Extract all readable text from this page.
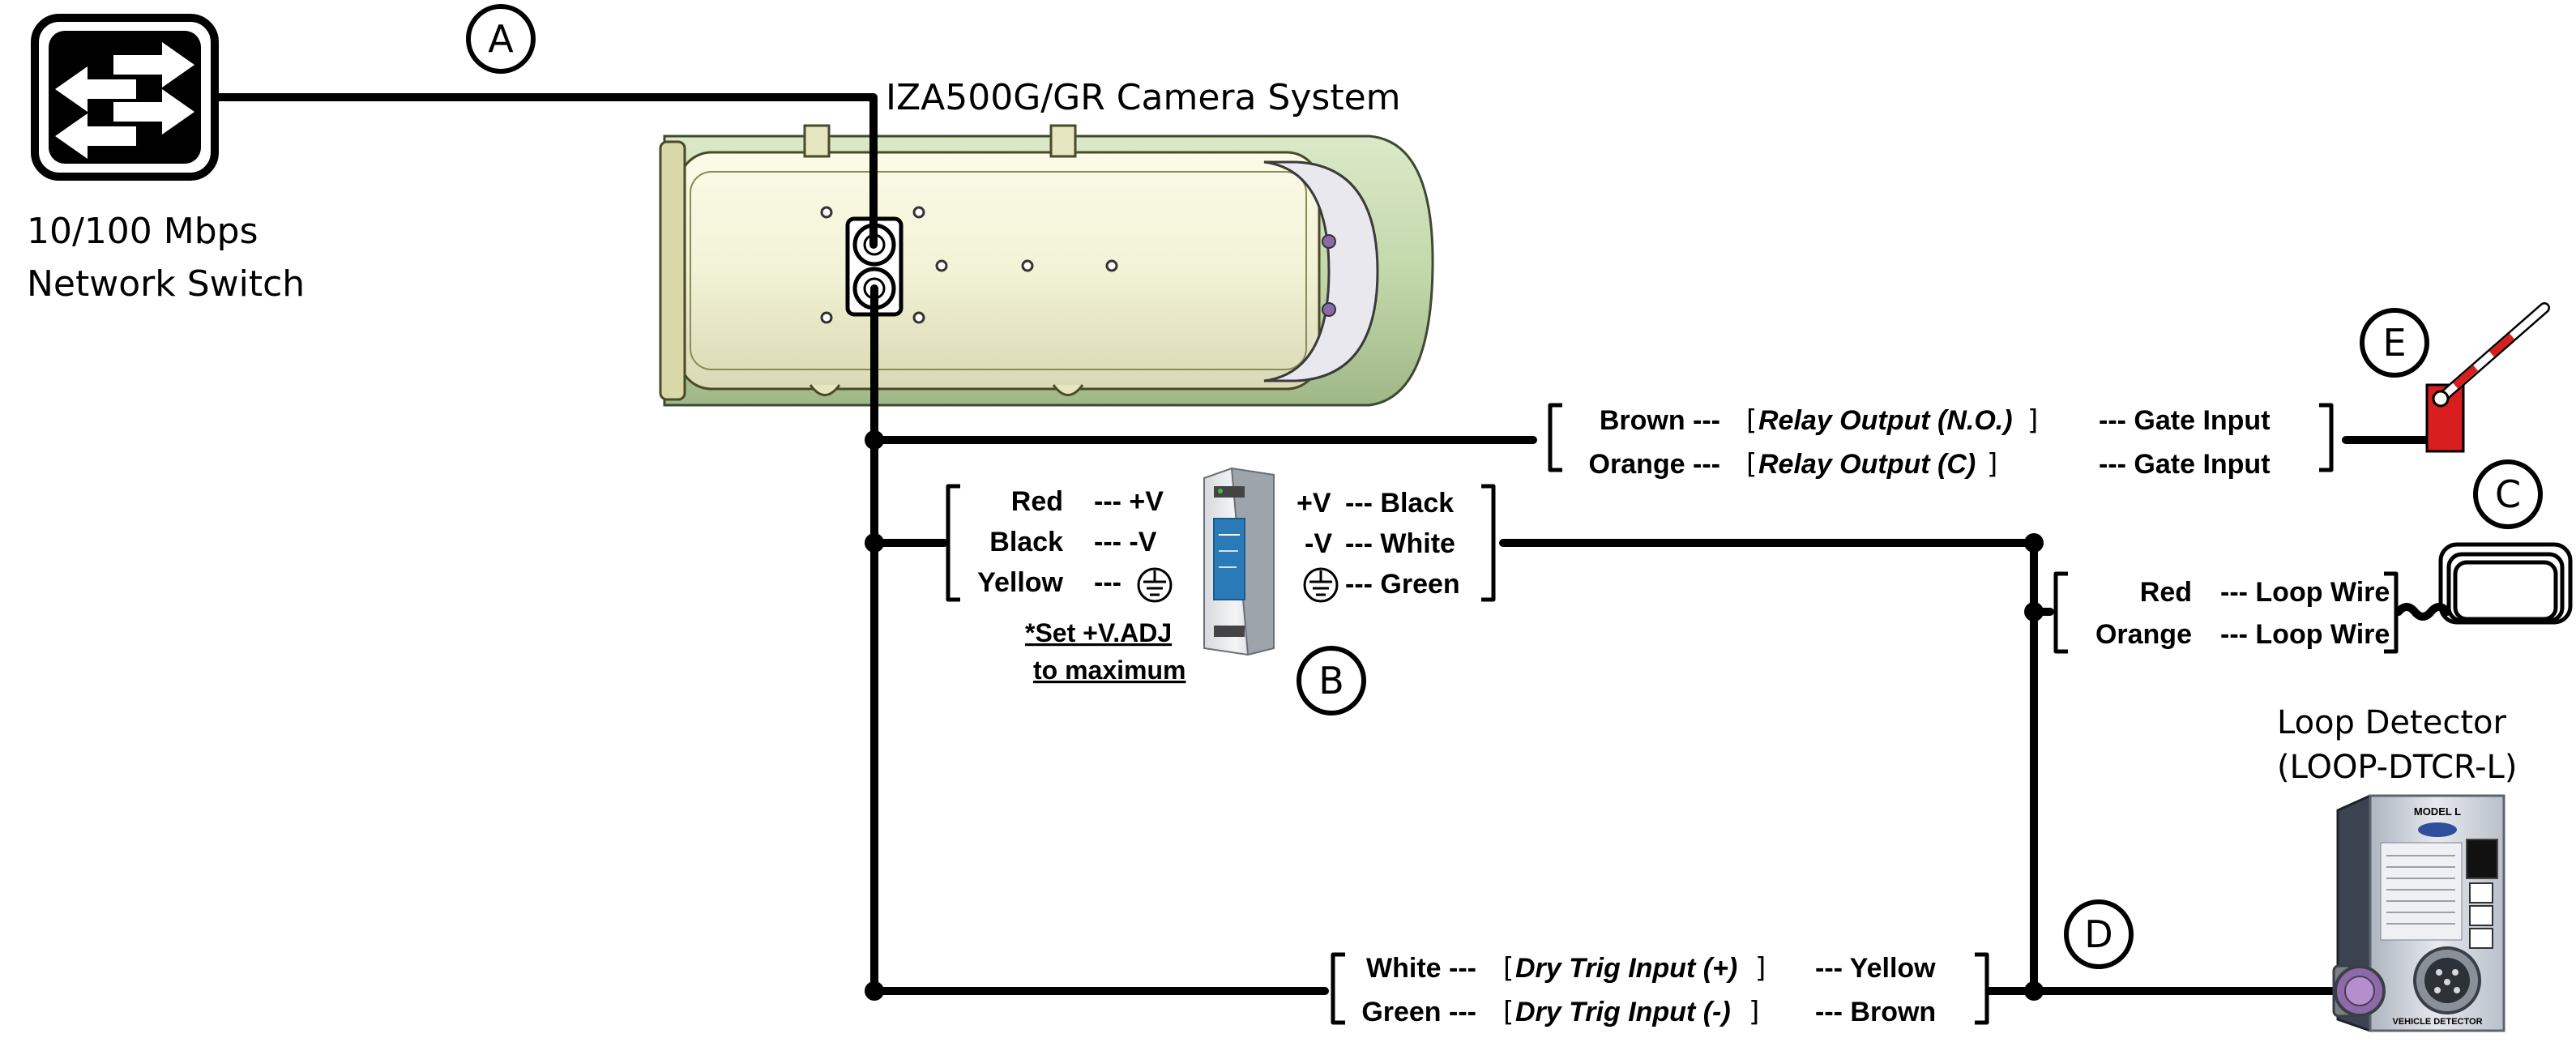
10/100 Mbps
Network Switch
IZA500G/GR Camera System
A
B
C
D
E
Brown --- [ Relay Output (N.O.) ] --- Gate Input
Orange --- [ Relay Output (C) ]	--- Gate Input
Red --- +V
Black --- -V
Yellow ---
+V --- Black
-V --- White
--- Green
*Set +V.ADJ
to maximum
Red --- Loop Wire
Orange --- Loop Wire
Loop Detector
(LOOP-DTCR-L)
MODEL L
VEHICLE DETECTOR
White --- [ Dry Trig Input (+) ] --- Yellow
Green --- [ Dry Trig Input (-) ] --- Brown
